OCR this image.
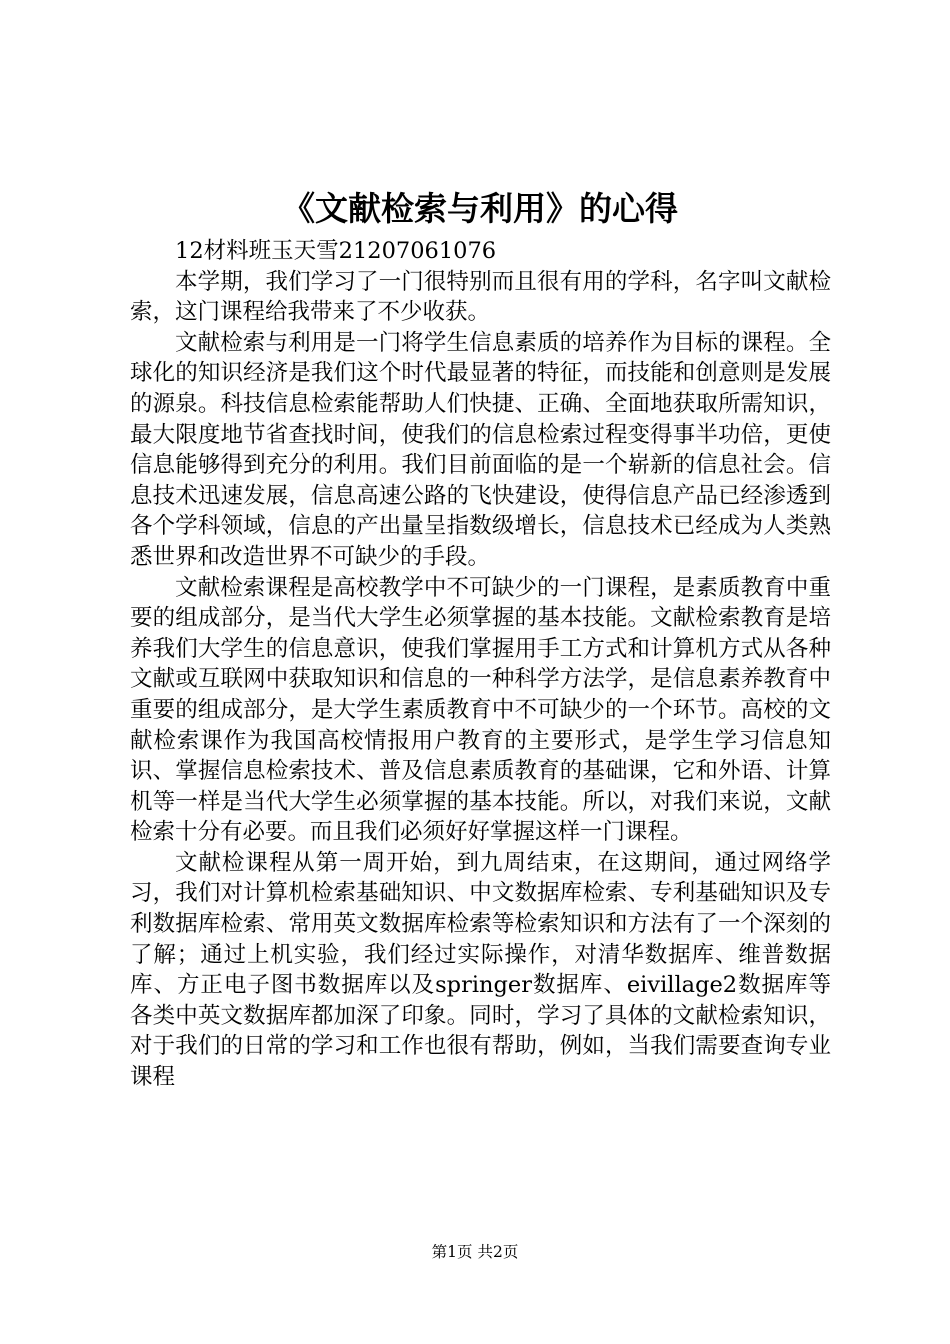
《文献检索与利用》的心得

12材料班玉天雪21207061076

本学期，我们学习了一门很特别而且很有用的学科，名字叫文献检索，这门课程给我带来了不少收获。

文献检索与利用是一门将学生信息素质的培养作为目标的课程。全球化的知识经济是我们这个时代最显著的特征，而技能和创意则是发展的源泉。科技信息检索能帮助人们快捷、正确、全面地获取所需知识，最大限度地节省查找时间，使我们的信息检索过程变得事半功倍，更使信息能够得到充分的利用。我们目前面临的是一个崭新的信息社会。信息技术迅速发展，信息高速公路的飞快建设，使得信息产品已经渗透到各个学科领域，信息的产出量呈指数级增长，信息技术已经成为人类熟悉世界和改造世界不可缺少的手段。

文献检索课程是高校教学中不可缺少的一门课程，是素质教育中重要的组成部分，是当代大学生必须掌握的基本技能。文献检索教育是培养我们大学生的信息意识，使我们掌握用手工方式和计算机方式从各种文献或互联网中获取知识和信息的一种科学方法学，是信息素养教育中重要的组成部分，是大学生素质教育中不可缺少的一个环节。高校的文献检索课作为我国高校情报用户教育的主要形式，是学生学习信息知识、掌握信息检索技术、普及信息素质教育的基础课，它和外语、计算机等一样是当代大学生必须掌握的基本技能。所以，对我们来说，文献检索十分有必要。而且我们必须好好掌握这样一门课程。

文献检课程从第一周开始，到九周结束，在这期间，通过网络学习，我们对计算机检索基础知识、中文数据库检索、专利基础知识及专利数据库检索、常用英文数据库检索等检索知识和方法有了一个深刻的了解；通过上机实验，我们经过实际操作，对清华数据库、维普数据库、方正电子图书数据库以及springer数据库、eivillage2数据库等各类中英文数据库都加深了印象。同时，学习了具体的文献检索知识，对于我们的日常的学习和工作也很有帮助，例如，当我们需要查询专业课程

第1页 共2页
